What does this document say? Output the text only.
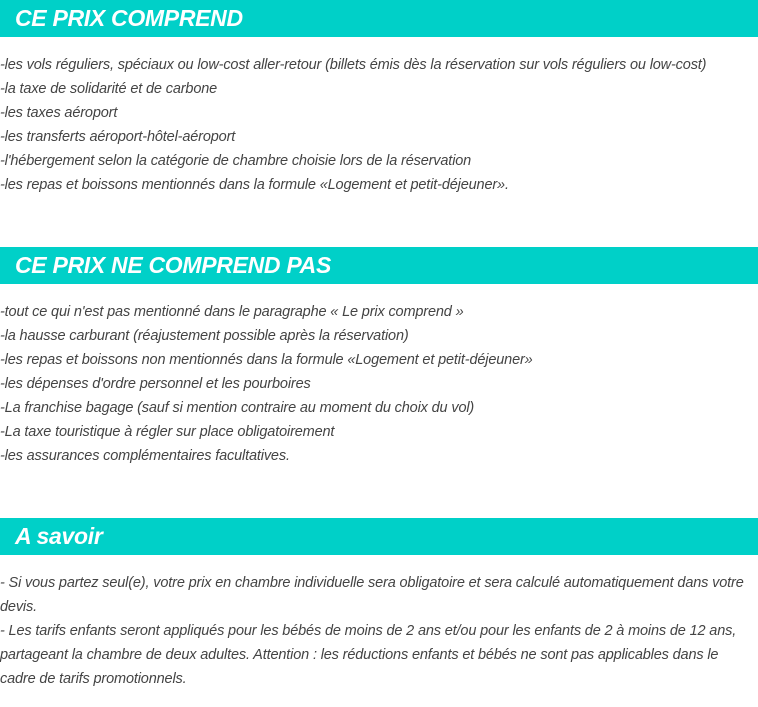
CE PRIX COMPREND

-les vols réguliers, spéciaux ou low-cost aller-retour (billets émis dès la réservation sur vols réguliers ou low-cost)

-la taxe de solidarité et de carbone

-les taxes aéroport

-les transferts aéroport-hôtel-aéroport

-l'hébergement selon la catégorie de chambre choisie lors de la réservation

-les repas et boissons mentionnés dans la formule «Logement et petit-déjeuner».

CE PRIX NE COMPREND PAS

-tout ce qui n'est pas mentionné dans le paragraphe « Le prix comprend »

-la hausse carburant (réajustement possible après la réservation)

-les repas et boissons non mentionnés dans la formule «Logement et petit-déjeuner»

-les dépenses d'ordre personnel et les pourboires

-La franchise bagage (sauf si mention contraire au moment du choix du vol)

-La taxe touristique à régler sur place obligatoirement

-les assurances complémentaires facultatives.

A savoir

- Si vous partez seul(e), votre prix en chambre individuelle sera obligatoire et sera calculé automatiquement dans votre devis.

- Les tarifs enfants seront appliqués pour les bébés de moins de 2 ans et/ou pour les enfants de 2 à moins de 12 ans, partageant la chambre de deux adultes. Attention : les réductions enfants et bébés ne sont pas applicables dans le cadre de tarifs promotionnels.
